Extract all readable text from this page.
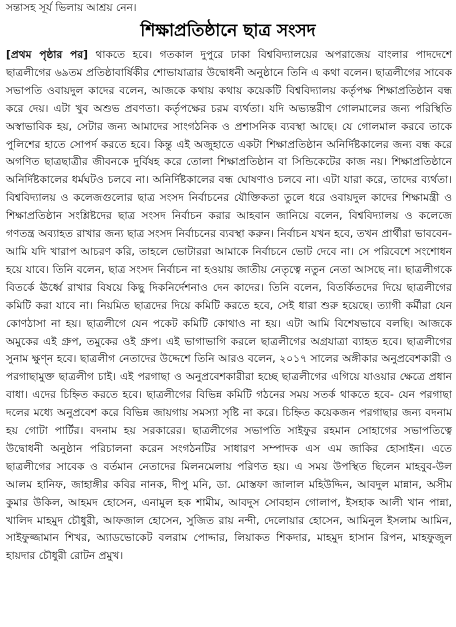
সন্তাসহ সূর্য ভিলায় আশ্রয় নেন।
শিক্ষাপ্রতিষ্ঠানে ছাত্র সংসদ
[প্রথম পৃষ্ঠার পর] থাকতে হবে। গতকাল দুপুরে ঢাকা বিশ্ববিদ্যালয়ের অপরাজেয় বাংলার পাদদেশে ছাত্রলীগের ৬৯তম প্রতিষ্ঠাবার্ষিকীর শোভাযাত্রার উদ্বোধনী অনুষ্ঠানে তিনি এ কথা বলেন। ছাত্রলীগের সাবেক সভাপতি ওবায়দুল কাদের বলেন, আজকে কথায় কথায় কয়েকটি বিশ্ববিদ্যালয় কর্তৃপক্ষ শিক্ষাপ্রতিষ্ঠান বন্ধ করে দেয়। এটা খুব অশুভ প্রবণতা। কর্তৃপক্ষের চরম ব্যর্থতা। যদি অভ্যন্তরীণ গোলমালের জন্য পরিস্থিতি অস্বাভাবিক হয়, সেটার জন্য আমাদের সাংগঠনিক ও প্রশাসনিক ব্যবস্থা আছে। যে গোলমাল করবে তাকে পুলিশের হাতে সোপর্দ করতে হবে। কিন্তু এই অজুহাতে একটা শিক্ষাপ্রতিষ্ঠান অনির্দিষ্টকালের জন্য বন্ধ করে অগণিত ছাত্রছাত্রীর জীবনকে দুর্বিষহ করে তোলা শিক্ষাপ্রতিষ্ঠান বা সিন্ডিকেটের কাজ নয়। শিক্ষাপ্রতিষ্ঠানে অনির্দিষ্টকালের ধর্মঘটও চলবে না। অনির্দিষ্টকালের বন্ধ ঘোষণাও চলবে না। এটা যারা করে, তাদের ব্যর্থতা। বিশ্ববিদ্যালয় ও কলেজগুলোর ছাত্র সংসদ নির্বাচনের যৌক্তিকতা তুলে ধরে ওবায়দুল কাদের শিক্ষামন্ত্রী ও শিক্ষাপ্রতিষ্ঠান সংশ্লিষ্টদের ছাত্র সংসদ নির্বাচন করার আহবান জানিয়ে বলেন, বিশ্ববিদ্যালয় ও কলেজে গণতন্ত্র অব্যাহত রাখার জন্য ছাত্র সংসদ নির্বাচনের ব্যবস্থা করুন। নির্বাচন যখন হবে, তখন প্রার্থীরা ভাববেন- আমি যদি খারাপ আচরণ করি, তাহলে ভোটাররা আমাকে নির্বাচনে ভোট দেবে না। সে পরিবেশে সংশোধন হয়ে যাবে। তিনি বলেন, ছাত্র সংসদ নির্বাচন না হওয়ায় জাতীয় নেতৃত্বে নতুন নেতা আসছে না। ছাত্রলীগকে বিতর্কে ঊর্ধ্বে রাখার বিষয়ে কিছু দিকনির্দেশনাও দেন কাদের। তিনি বলেন, বিতর্কিতদের দিয়ে ছাত্রলীগের কমিটি করা যাবে না। নিয়মিত ছাত্রদের দিয়ে কমিটি করতে হবে, সেই ধারা শুরু হয়েছে। ত্যাগী কর্মীরা যেন কোণঠাসা না হয়। ছাত্রলীগে যেন পকেট কমিটি কোথাও না হয়। এটা আমি বিশেষভাবে বলছি। আজকে অমুকের এই গ্রুপ, তমুকের ওই গ্রুপ। এই ভাগাভাগি করলে ছাত্রলীগের অগ্রযাত্রা ব্যাহত হবে। ছাত্রলীগের সুনাম ক্ষুণ্ন হবে। ছাত্রলীগ নেতাদের উদ্দেশে তিনি আরও বলেন, ২০১৭ সালের অঙ্গীকার অনুপ্রবেশকারী ও পরগাছামুক্ত ছাত্রলীগ চাই। এই পরগাছা ও অনুপ্রবেশকারীরা হচ্ছে ছাত্রলীগের এগিয়ে যাওয়ার ক্ষেত্রে প্রধান বাধা। এদের চিহ্নিত করতে হবে। ছাত্রলীগের বিভিন্ন কমিটি গঠনের সময় সতর্ক থাকতে হবে- যেন পরগাছা দলের মধ্যে অনুপ্রবেশ করে বিভিন্ন জায়গায় সমস্যা সৃষ্টি না করে। চিহ্নিত কয়েকজন পরগাছার জন্য বদনাম হয় গোটা পার্টির। বদনাম হয় সরকারের। ছাত্রলীগের সভাপতি সাইফুর রহমান সোহাগের সভাপতিত্বে উদ্বোধনী অনুষ্ঠান পরিচালনা করেন সংগঠনটির সাধারণ সম্পাদক এস এম জাকির হোসাইন। এতে ছাত্রলীগের সাবেক ও বর্তমান নেতাদের মিলনমেলায় পরিণত হয়। এ সময় উপস্থিত ছিলেন মাহবুব-উল আলম হানিফ, জাহাঙ্গীর কবির নানক, দীপু মনি, ডা. মোস্তফা জালাল মহিউদ্দিন, আবদুল মান্নান, অসীম কুমার উকিল, আহমদ হোসেন, এনামুল হক শামীম, আবদুস সোবহান গোলাপ, ইসহাক আলী খান পান্না, খালিদ মাহমুদ চৌধুরী, আফজাল হোসেন, সুজিত রায় নন্দী, দেলোয়ার হোসেন, আমিনুল ইসলাম আমিন, সাইফুজ্জামান শিখর, অ্যাডভোকেট বলরাম পোদ্দার, লিয়াকত শিকদার, মাহমুদ হাসান রিপন, মাহফুজুল হায়দার চৌধুরী রোটন প্রমুখ।
